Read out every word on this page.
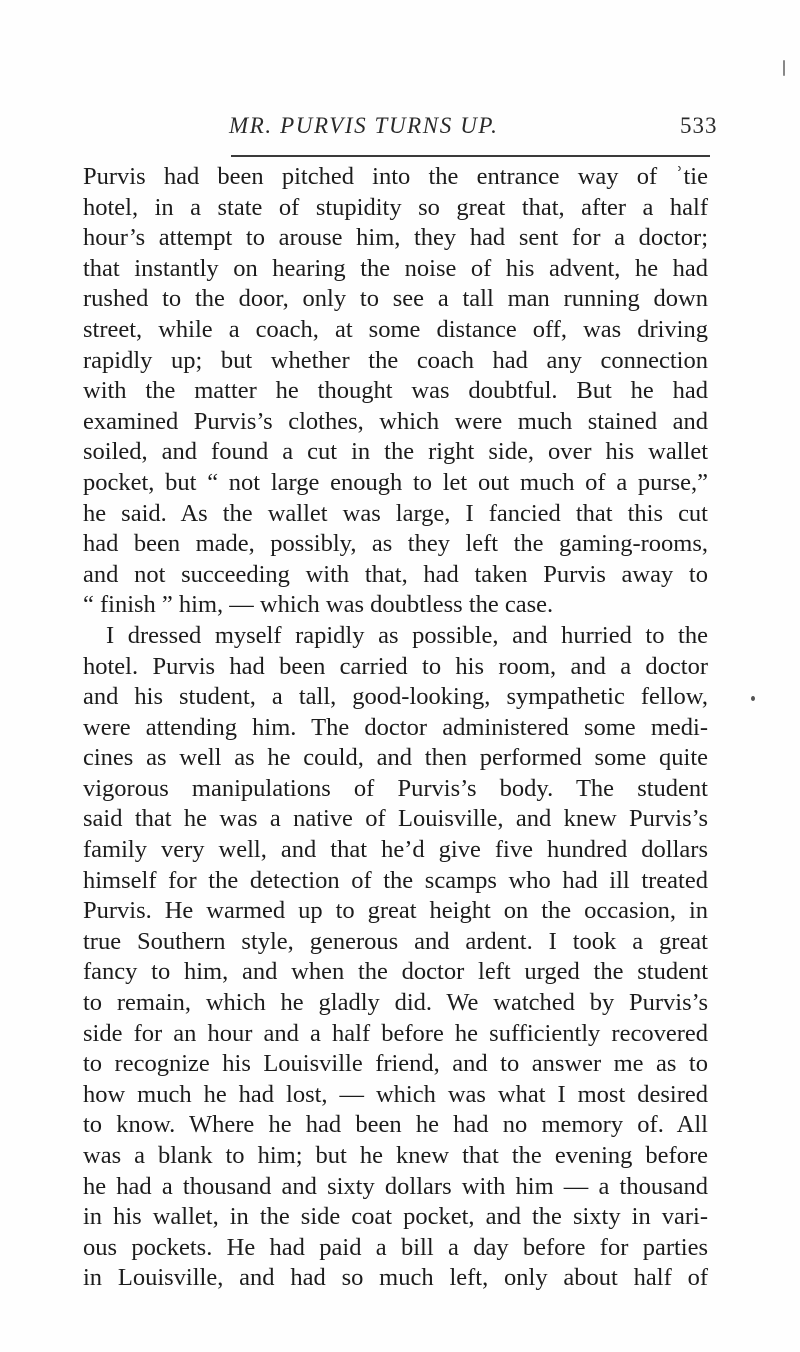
MR. PURVIS TURNS UP.	533
Purvis had been pitched into the entrance way of ʾtie
hotel, in a state of stupidity so great that, after a half
hour’s attempt to arouse him, they had sent for a doctor;
that instantly on hearing the noise of his advent, he had
rushed to the door, only to see a tall man running down
street, while a coach, at some distance off, was driving
rapidly up; but whether the coach had any connection
with the matter he thought was doubtful. But he had
examined Purvis’s clothes, which were much stained and
soiled, and found a cut in the right side, over his wallet
pocket, but “ not large enough to let out much of a purse,”
he said. As the wallet was large, I fancied that this cut
had been made, possibly, as they left the gaming-rooms,
and not succeeding with that, had taken Purvis away to
“ finish ” him, — which was doubtless the case.
I dressed myself rapidly as possible, and hurried to the
hotel. Purvis had been carried to his room, and a doctor
and his student, a tall, good-looking, sympathetic fellow,
were attending him. The doctor administered some medi-
cines as well as he could, and then performed some quite
vigorous manipulations of Purvis’s body. The student
said that he was a native of Louisville, and knew Purvis’s
family very well, and that he’d give five hundred dollars
himself for the detection of the scamps who had ill treated
Purvis. He warmed up to great height on the occasion, in
true Southern style, generous and ardent. I took a great
fancy to him, and when the doctor left urged the student
to remain, which he gladly did. We watched by Purvis’s
side for an hour and a half before he sufficiently recovered
to recognize his Louisville friend, and to answer me as to
how much he had lost, — which was what I most desired
to know. Where he had been he had no memory of. All
was a blank to him; but he knew that the evening before
he had a thousand and sixty dollars with him — a thousand
in his wallet, in the side coat pocket, and the sixty in vari-
ous pockets. He had paid a bill a day before for parties
in Louisville, and had so much left, only about half of
